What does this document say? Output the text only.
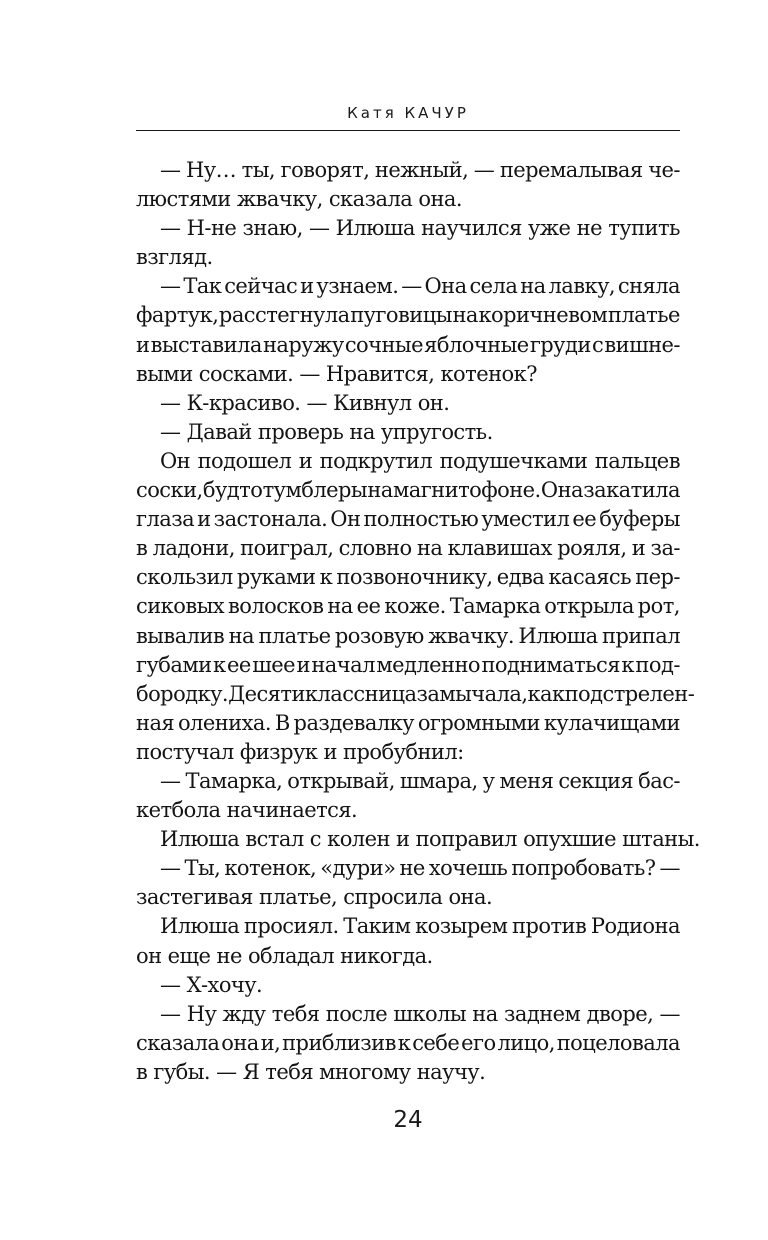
Катя КАЧУР
— Ну… ты, говорят, нежный, — перемалывая че-
люстями жвачку, сказала она.
— Н-не знаю, — Илюша научился уже не тупить
взгляд.
— Так сейчас и узнаем. — Она села на лавку, сняла
фартук, расстегнула пуговицы на коричневом платье
и выставила наружу сочные яблочные груди с вишне-
выми сосками. — Нравится, котенок?
— К-красиво. — Кивнул он.
— Давай проверь на упругость.
Он подошел и подкрутил подушечками пальцев
соски, будто тумблеры на магнитофоне. Она закатила
глаза и застонала. Он полностью уместил ее буферы
в ладони, поиграл, словно на клавишах рояля, и за-
скользил руками к позвоночнику, едва касаясь пер-
сиковых волосков на ее коже. Тамарка открыла рот,
вывалив на платье розовую жвачку. Илюша припал
губами к ее шее и начал медленно подниматься к под-
бородку. Десятиклассница замычала, как подстрелен-
ная олениха. В раздевалку огромными кулачищами
постучал физрук и пробубнил:
— Тамарка, открывай, шмара, у меня секция бас-
кетбола начинается.
Илюша встал с колен и поправил опухшие штаны.
— Ты, котенок, «дури» не хочешь попробовать? —
застегивая платье, спросила она.
Илюша просиял. Таким козырем против Родиона
он еще не обладал никогда.
— Х-хочу.
— Ну жду тебя после школы на заднем дворе, —
сказала она и, приблизив к себе его лицо, поцеловала
в губы. — Я тебя многому научу.
24
